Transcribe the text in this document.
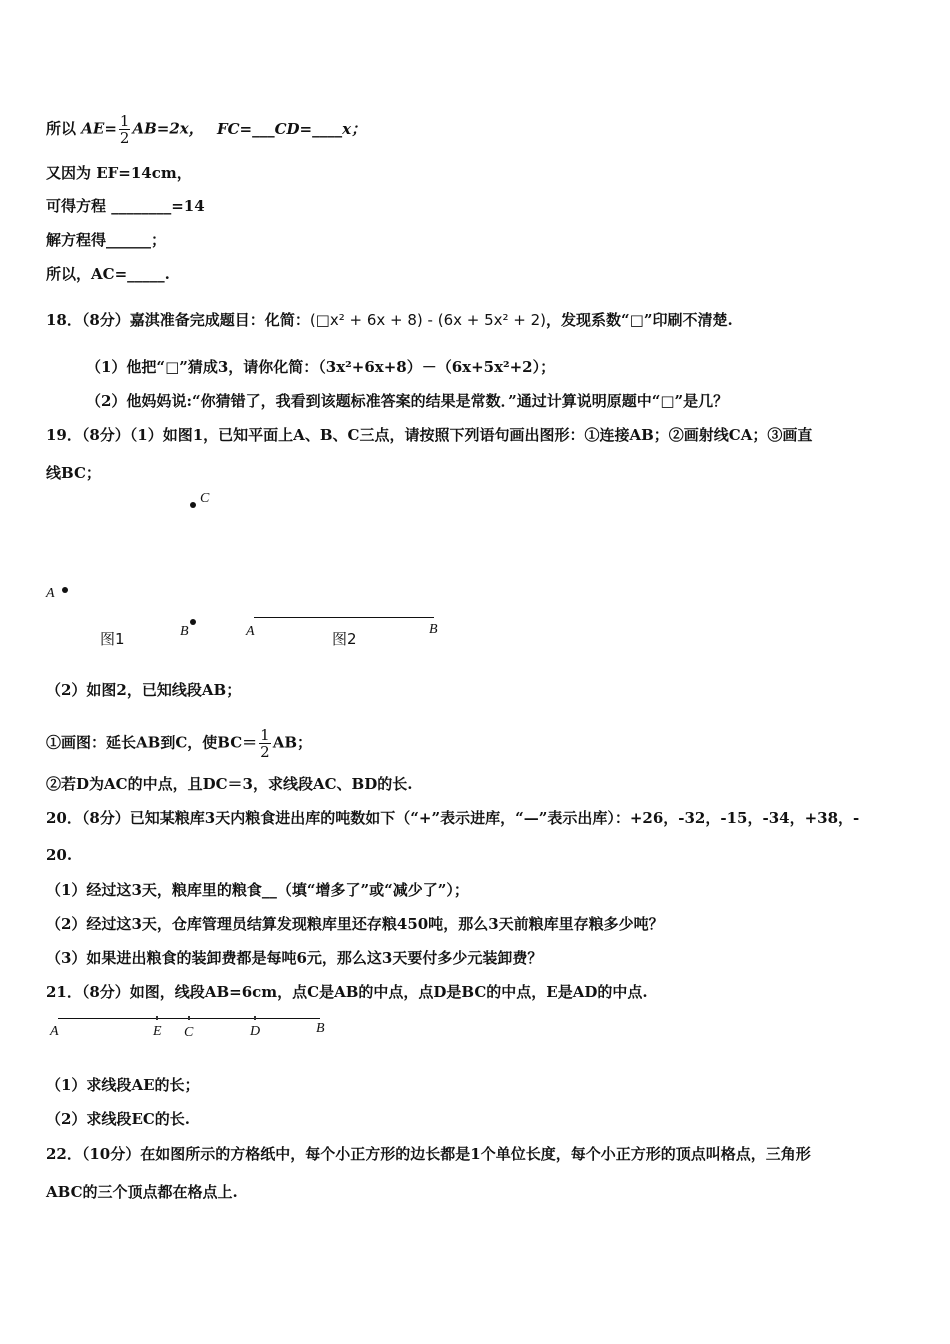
所以 $AE= \frac{1}{2} AB=2x$， FC=___CD=____x；
又因为 EF=14cm，
可得方程 ________=14
解方程得______；
所以，AC=_____.
18．（8分）嘉淇准备完成题目：化简：(□x² + 6x + 8) - (6x + 5x² + 2)，发现系数“□”印刷不清楚.
（1）他把“□”猜成3，请你化简：（3x²+6x+8）－（6x+5x²+2）；
（2）他妈妈说:“你猜错了，我看到该题标准答案的结果是常数．”通过计算说明原题中“□”是几？
19．（8分）（1）如图1，已知平面上A、B、C三点，请按照下列语句画出图形：①连接AB；②画射线CA；③画直
线BC；
C
A
B
图1	A	B
图2
（2）如图2，已知线段AB；
①画图：延长AB到C，使$BC= \frac{1}{2}$ AB；
②若D为AC的中点，且DC＝3，求线段AC、BD的长.
20．（8分）已知某粮库3天内粮食进出库的吨数如下（“+”表示进库，“—”表示出库）：+26，-32，-15，-34，+38，-
20.
（1）经过这3天，粮库里的粮食__（填“增多了”或“减少了”）；
（2）经过这3天，仓库管理员结算发现粮库里还存粮450吨，那么3天前粮库里存粮多少吨？
（3）如果进出粮食的装卸费都是每吨6元，那么这3天要付多少元装卸费？
21．（8分）如图，线段AB=6cm，点C是AB的中点，点D是BC的中点，E是AD的中点.
A	E C	D	B
（1）求线段AE的长；
（2）求线段EC的长.
22．（10分）在如图所示的方格纸中，每个小正方形的边长都是1个单位长度，每个小正方形的顶点叫格点，三角形
ABC的三个顶点都在格点上.
